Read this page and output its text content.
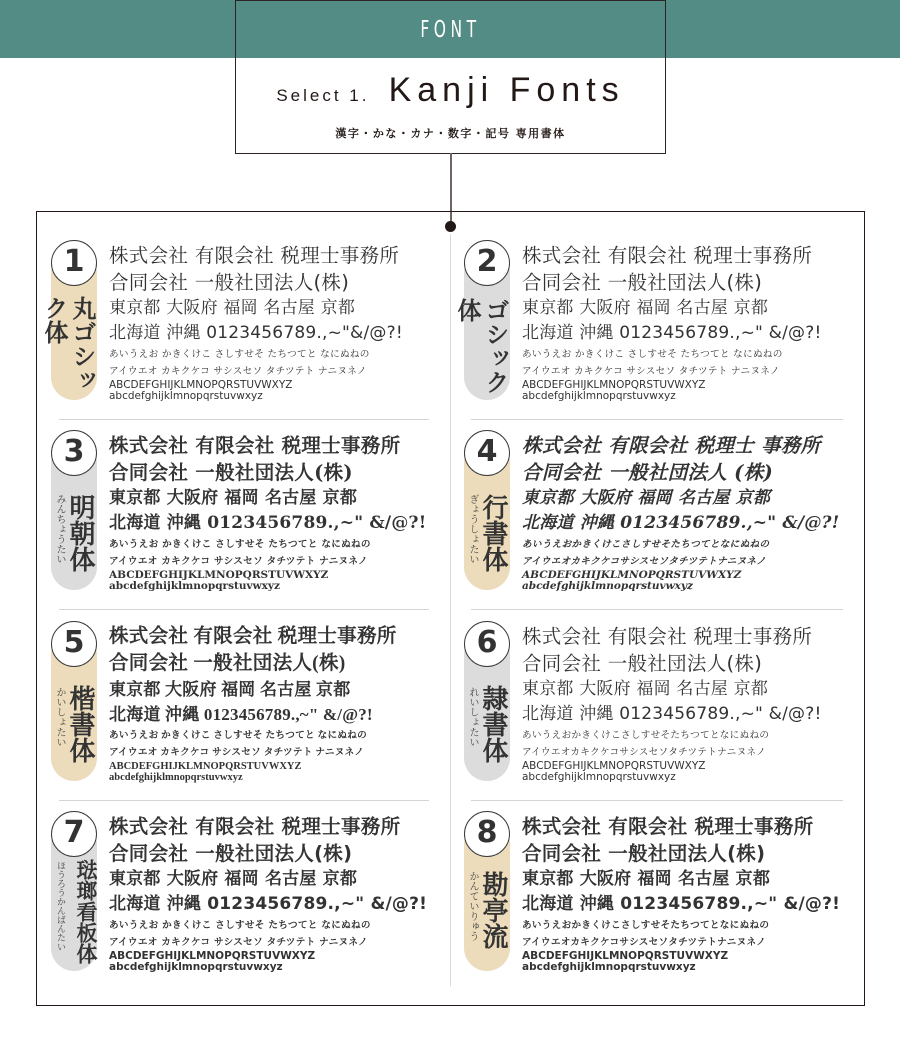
FONT
Select 1. Kanji Fonts
漢字・かな・カナ・数字・記号 専用書体
1
丸ゴシック体
株式会社 有限会社 税理士事務所
合同会社 一般社団法人(株)
東京都 大阪府 福岡 名古屋 京都
北海道 沖縄 0123456789.,~"&/@?!
あいうえお かきくけこ さしすせそ たちつてと なにぬねの
アイウエオ カキクケコ サシスセソ タチツテト ナニヌネノ
ABCDEFGHIJKLMNOPQRSTUVWXYZ
abcdefghijklmnopqrstuvwxyz
2
ゴシック体
株式会社 有限会社 税理士事務所
合同会社 一般社団法人(株)
東京都 大阪府 福岡 名古屋 京都
北海道 沖縄 0123456789.,~" &/@?!
あいうえお かきくけこ さしすせそ たちつてと なにぬねの
アイウエオ カキクケコ サシスセソ タチツテト ナニヌネノ
ABCDEFGHIJKLMNOPQRSTUVWXYZ
abcdefghijklmnopqrstuvwxyz
3
みんちょうたい 明朝体
株式会社 有限会社 税理士事務所
合同会社 一般社団法人(株)
東京都 大阪府 福岡 名古屋 京都
北海道 沖縄 0123456789.,~" &/@?!
あいうえお かきくけこ さしすせそ たちつてと なにぬねの
アイウエオ カキクケコ サシスセソ タチツテト ナニヌネノ
ABCDEFGHIJKLMNOPQRSTUVWXYZ
abcdefghijklmnopqrstuvwxyz
4
ぎょうしょたい 行書体
株式会社 有限会社 税理士 事務所
合同会社 一般社団法人 (株)
東京都 大阪府 福岡 名古屋 京都
北海道 沖縄 0123456789.,~" &/@?!
あいうえおかきくけこさしすせそたちつてとなにぬねの
アイウエオカキクケコサシスセソタチツテトナニヌネノ
ABCDEFGHIJKLMNOPQRSTUVWXYZ
abcdefghijklmnopqrstuvwxyz
5
かいしょたい 楷書体
株式会社 有限会社 税理士事務所
合同会社 一般社団法人(株)
東京都 大阪府 福岡 名古屋 京都
北海道 沖縄 0123456789.,~" &/@?!
あいうえお かきくけこ さしすせそ たちつてと なにぬねの
アイウエオ カキクケコ サシスセソ タチツテト ナニヌネノ
ABCDEFGHIJKLMNOPQRSTUVWXYZ
abcdefghijklmnopqrstuvwxyz
6
れいしょたい 隷書体
株式会社 有限会社 税理士事務所
合同会社 一般社団法人(株)
東京都 大阪府 福岡 名古屋 京都
北海道 沖縄 0123456789.,~" &/@?!
あいうえおかきくけこさしすせそたちつてとなにぬねの
アイウエオカキクケコサシスセソタチツテトナニヌネノ
ABCDEFGHIJKLMNOPQRSTUVWXYZ
abcdefghijklmnopqrstuvwxyz
7
ほうろうかんばんたい 琺瑯看板体
株式会社 有限会社 税理士事務所
合同会社 一般社団法人(株)
東京都 大阪府 福岡 名古屋 京都
北海道 沖縄 0123456789.,~" &/@?!
あいうえお かきくけこ さしすせそ たちつてと なにぬねの
アイウエオ カキクケコ サシスセソ タチツテト ナニヌネノ
ABCDEFGHIJKLMNOPQRSTUVWXYZ
abcdefghijklmnopqrstuvwxyz
8
かんていりゅう 勘亭流
株式会社 有限会社 税理士事務所
合同会社 一般社団法人(株)
東京都 大阪府 福岡 名古屋 京都
北海道 沖縄 0123456789.,~" &/@?!
あいうえおかきくけこさしすせそたちつてとなにぬねの
アイウエオカキクケコサシスセソタチツテトナニヌネノ
ABCDEFGHIJKLMNOPQRSTUVWXYZ
abcdefghijklmnopqrstuvwxyz
